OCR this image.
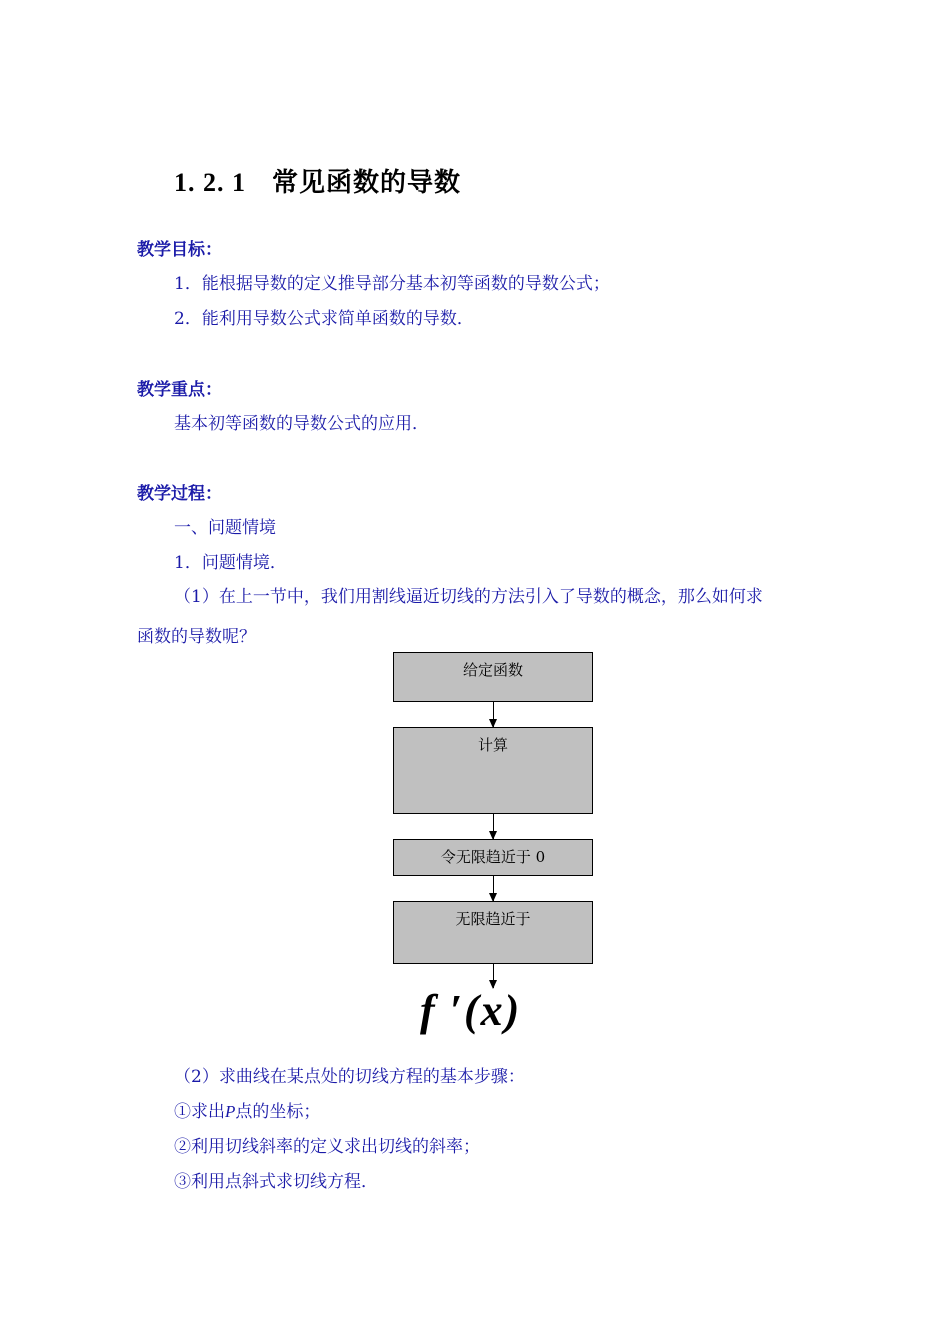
1. 2. 1 常见函数的导数
教学目标：
1．能根据导数的定义推导部分基本初等函数的导数公式；
2．能利用导数公式求简单函数的导数．
教学重点：
基本初等函数的导数公式的应用．
教学过程：
一、问题情境
1．问题情境．
（1）在上一节中，我们用割线逼近切线的方法引入了导数的概念，那么如何求
函数的导数呢？
给定函数
计算
令无限趋近于 0
无限趋近于
f ′(x)
（2）求曲线在某点处的切线方程的基本步骤：
①求出P点的坐标；
②利用切线斜率的定义求出切线的斜率；
③利用点斜式求切线方程．
